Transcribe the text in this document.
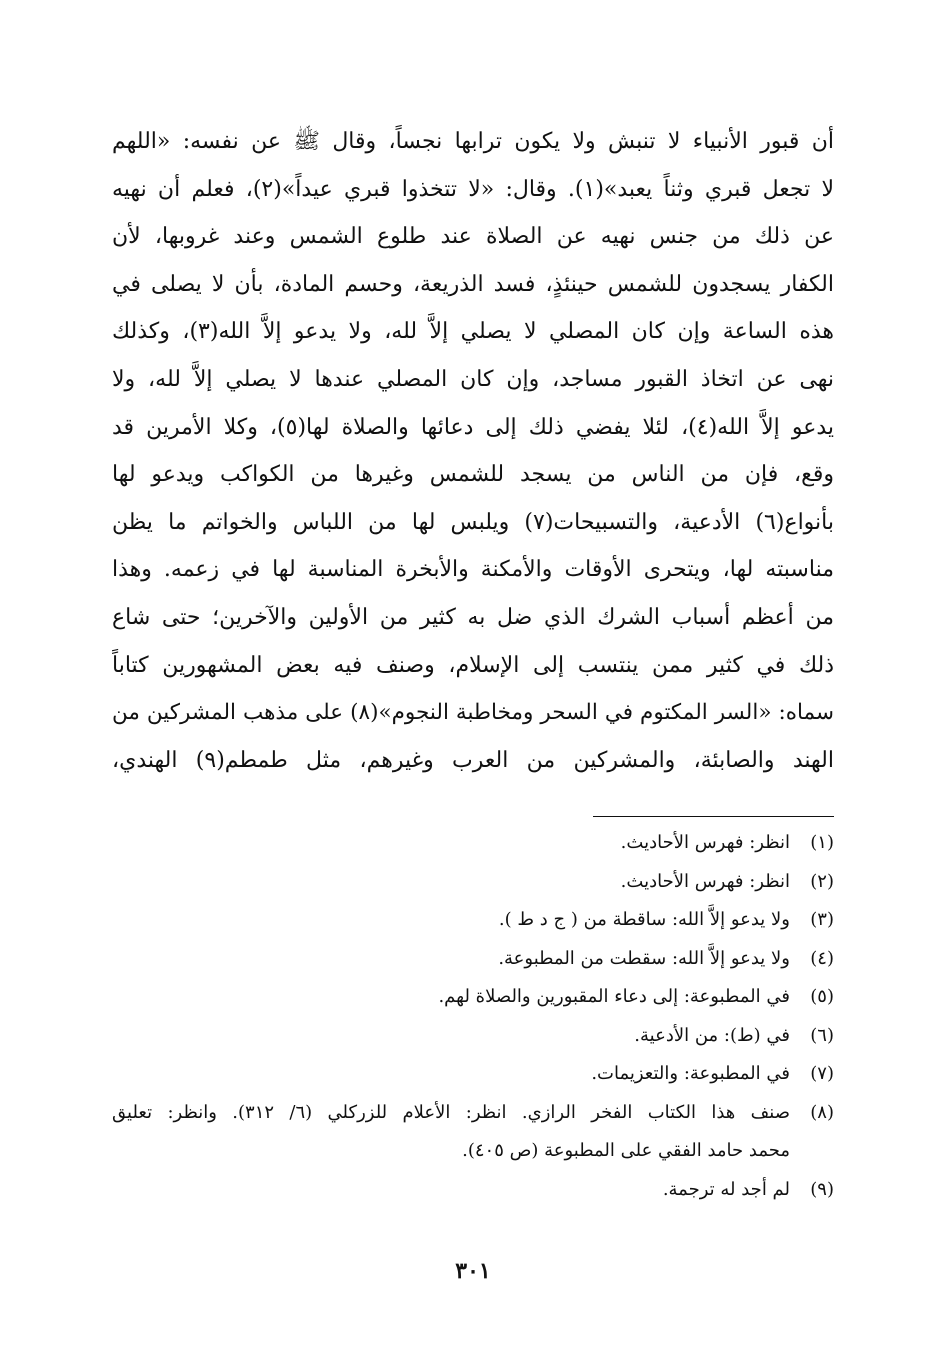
أن قبور الأنبياء لا تنبش ولا يكون ترابها نجساً، وقال ﷺ عن نفسه: «اللهم
لا تجعل قبري وثناً يعبد»(١). وقال: «لا تتخذوا قبري عيداً»(٢)، فعلم أن نهيه
عن ذلك من جنس نهيه عن الصلاة عند طلوع الشمس وعند غروبها، لأن
الكفار يسجدون للشمس حينئذٍ، فسد الذريعة، وحسم المادة، بأن لا يصلى في
هذه الساعة وإن كان المصلي لا يصلي إلاَّ لله، ولا يدعو إلاَّ الله(٣)، وكذلك
نهى عن اتخاذ القبور مساجد، وإن كان المصلي عندها لا يصلي إلاَّ لله، ولا
يدعو إلاَّ الله(٤)، لئلا يفضي ذلك إلى دعائها والصلاة لها(٥)، وكلا الأمرين قد
وقع، فإن من الناس من يسجد للشمس وغيرها من الكواكب ويدعو لها
بأنواع(٦) الأدعية، والتسبيحات(٧) ويلبس لها من اللباس والخواتم ما يظن
مناسبته لها، ويتحرى الأوقات والأمكنة والأبخرة المناسبة لها في زعمه. وهذا
من أعظم أسباب الشرك الذي ضل به كثير من الأولين والآخرين؛ حتى شاع
ذلك في كثير ممن ينتسب إلى الإسلام، وصنف فيه بعض المشهورين كتاباً
سماه: «السر المكتوم في السحر ومخاطبة النجوم»(٨) على مذهب المشركين من
الهند والصابئة، والمشركين من العرب وغيرهم، مثل طمطم(٩) الهندي،
(١)
انظر: فهرس الأحاديث.
(٢)
انظر: فهرس الأحاديث.
(٣)
ولا يدعو إلاَّ الله: ساقطة من ( ج د ط ).
(٤)
ولا يدعو إلاَّ الله: سقطت من المطبوعة.
(٥)
في المطبوعة: إلى دعاء المقبورين والصلاة لهم.
(٦)
في (ط): من الأدعية.
(٧)
في المطبوعة: والتعزيمات.
(٨)
صنف هذا الكتاب الفخر الرازي. انظر: الأعلام للزركلي (٦/ ٣١٢). وانظر: تعليق
محمد حامد الفقي على المطبوعة (ص ٤٠٥).
(٩)
لم أجد له ترجمة.
٣٠١
